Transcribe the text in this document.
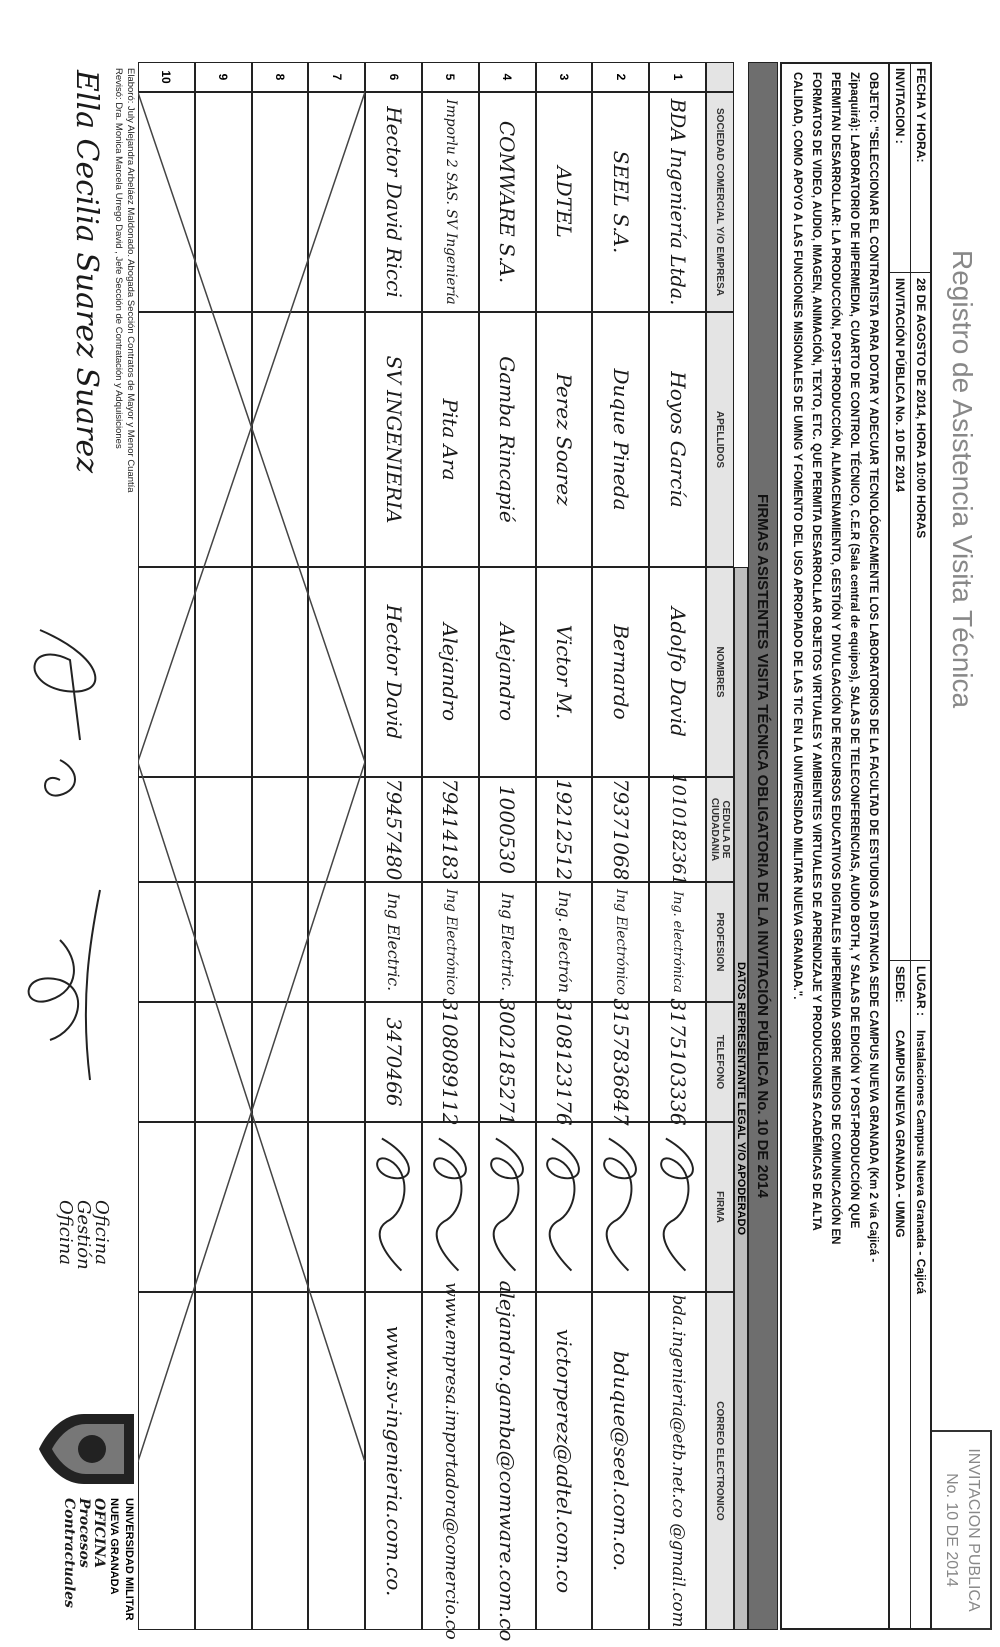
Registro de Asistencia Visita Técnica
INVITACION PUBLICA No. 10 DE 2014
FECHA Y HORA:
28 DE AGOSTO DE 2014, HORA 10:00 HORAS
LUGAR :
Instalaciones Campus Nueva Granada - Cajicá
INVITACION :
INVITACIÓN PÚBLICA No. 10 DE 2014
SEDE:
CAMPUS NUEVA GRANADA - UMNG
OBJETO: "SELECCIONAR EL CONTRATISTA PARA DOTAR Y ADECUAR TECNOLÓGICAMENTE LOS LABORATORIOS DE LA FACULTAD DE ESTUDIOS A DISTANCIA SEDE CAMPUS NUEVA GRANADA (Km 2 vía Cajicá -
Zipaquirá): LABORATORIO DE HIPERMEDIA, CUARTO DE CONTROL TÉCNICO, C.E.R (Sala central de equipos), SALAS DE TELECONFERENCIAS, AUDIO BOTH, Y SALAS DE EDICIÓN Y POST-PRODUCCIÓN QUE
PERMITAN DESARROLLAR: LA PRODUCCIÓN, POST-PRODUCCIÓN, ALMACENAMIENTO, GESTIÓN Y DIVULGACIÓN DE RECURSOS EDUCATIVOS DIGITALES HIPERMEDIA SOBRE MEDIOS DE COMUNICACIÓN EN
FORMATOS DE VIDEO, AUDIO, IMAGEN, ANIMACIÓN, TEXTO, ETC. QUE PERMITA DESARROLLAR OBJETOS VIRTUALES Y AMBIENTES VIRTUALES DE APRENDIZAJE Y PRODUCCIONES ACADÉMICAS DE ALTA
CALIDAD, COMO APOYO A LAS FUNCIONES MISIONALES DE UMNG Y FOMENTO DEL USO APROPIADO DE LAS TIC EN LA UNIVERSIDAD MILITAR NUEVA GRANADA.".
FIRMAS ASISTENTES VISITA TÉCNICA OBLIGATORIA DE LA INVITACIÓN PÚBLICA No. 10 DE 2014
DATOS REPRESENTANTE LEGAL Y/O APODERADO
SOCIEDAD COMERCIAL Y/O EMPRESA
APELLIDOS
NOMBRES
CEDULA DE CIUDADANIA
PROFESION
TELEFONO
FIRMA
CORREO ELECTRONICO
1
BDA Ingeniería Ltda.
Hoyos García
Adolfo David
1010182361
Ing. electrónica
3175103336
bda.ingenieria@etb.net.co @gmail.com
2
SEEL S.A.
Duque Pineda
Bernardo
79371068
Ing Electrónico
3157836847
bduque@seel.com.co.
3
ADTEL
Perez Soarez
Victor M.
19212512
Ing. electrón
3108123176
victorperez@adtel.com.co
4
COMWARE S.A.
Gamba Rincapié
Alejandro
1000530
Ing Electric.
3002185271
alejandro.gamba@comware.com.co
5
Imporlu 2 SAS. SV Ingeniería
Pita Ara
Alejandro
79414183
Ing Electrónico
3108089112
www.empresa.importadora@comercio.co
6
Hector David Ricci
SV INGENIERIA
Hector David
79457480
Ing Electric.
3470466
www.sv-ingenieria.com.co.
7
8
9
10
Elaboró: July Alejandra Arbeláez Maldonado. Abogada Sección Contratos de Mayor y Menor Cuantía
Revisó: Dra. Monica Marcela Urrego David , Jefe Sección de Contratación y Adquisiciones
Ella Cecilia Suarez Suarez
Oficina
Gestión
Oficina
UNIVERSIDAD MILITAR
NUEVA GRANADA
OFICINA
Procesos Contractuales
